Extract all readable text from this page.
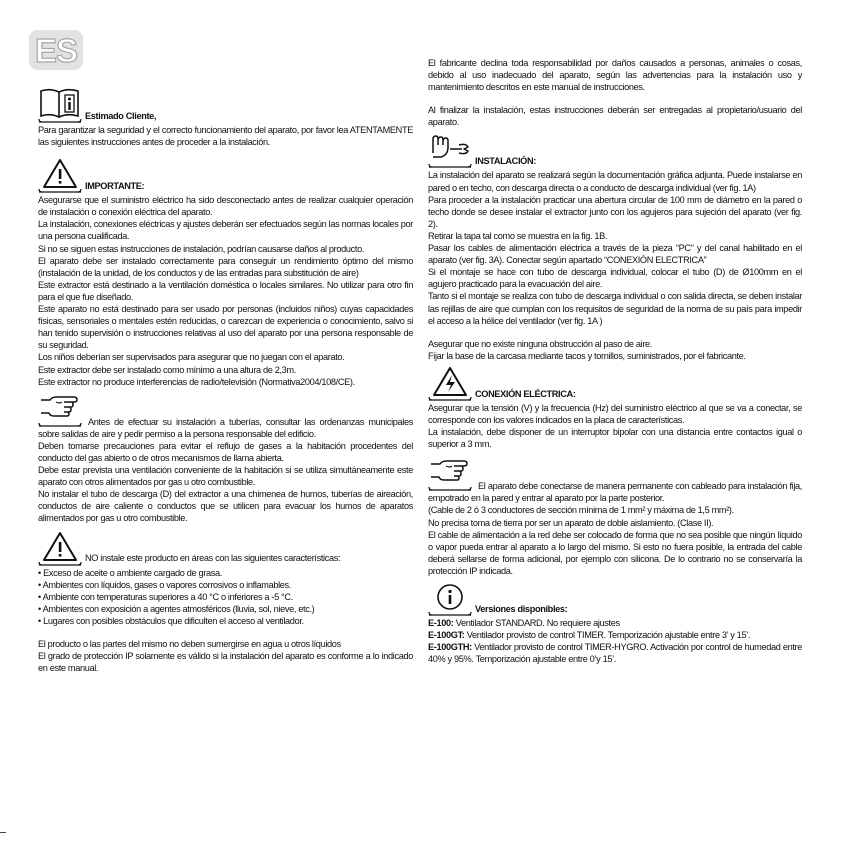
ES
Estimado Cliente,

Para garantizar la seguridad y el correcto funcionamiento del aparato, por favor lea ATENTAMENTE las siguientes instrucciones antes de proceder a la instalación.

IMPORTANTE:

Asegurarse que el suministro eléctrico ha sido desconectado antes de realizar cualquier operación de instalación o conexión eléctrica del aparato.

La instalación, conexiones eléctricas y ajustes deberán ser efectuados según las normas locales por una persona cualificada.

Si no se siguen estas instrucciones de instalación, podrían causarse daños al producto.

El aparato debe ser instalado correctamente para conseguir un rendimiento óptimo del mismo (instalación de la unidad, de los conductos y de las entradas para substitución de aire)

Este extractor está destinado a la ventilación doméstica o locales similares. No utilizar para otro fin para el que fue diseñado.

Este aparato no está destinado para ser usado por personas (incluidos niños) cuyas capacidades físicas, sensoriales o mentales estén reducidas, o carezcan de experiencia o conocimiento, salvo si han tenido supervisión o instrucciones relativas al uso del aparato por una persona responsable de su seguridad.

Los niños deberían ser supervisados para asegurar que no juegan con el aparato.

Este extractor debe ser instalado como mínimo a una altura de 2,3m.

Este extractor no produce interferencias de radio/televisión (Normativa2004/108/CE).

Antes de efectuar su instalación a tuberías, consultar las ordenanzas municipales sobre salidas de aire y pedir permiso a la persona responsable del edificio.

Deben tomarse precauciones para evitar el reflujo de gases a la habitación procedentes del conducto del gas abierto o de otros mecanismos de llama abierta.

Debe estar prevista una ventilación conveniente de la habitación si se utiliza simultáneamente este aparato con otros alimentados por gas u otro combustible.

No instalar el tubo de descarga (D) del extractor a una chimenea de humos, tuberías de aireación, conductos de aire caliente o conductos que se utilicen para evacuar los humos de aparatos alimentados por gas u otro combustible.

NO instale este producto en áreas con las siguientes características:
• Exceso de aceite o ambiente cargado de grasa.
• Ambientes con líquidos, gases o vapores corrosivos o inflamables.
• Ambiente con temperaturas superiores a 40 °C o inferiores a -5 °C.
• Ambientes con exposición a agentes atmosféricos (lluvia, sol, nieve, etc.)
• Lugares con posibles obstáculos que dificulten el acceso al ventilador.

El producto o las partes del mismo no deben sumergirse en agua u otros líquidos

El grado de protección IP solamente es válido si la instalación del aparato es conforme a lo indicado en este manual.

El fabricante declina toda responsabilidad por daños causados a personas, animales o cosas, debido al uso inadecuado del aparato, según las advertencias para la instalación uso y mantenimiento descritos en este manual de instrucciones.

Al finalizar la instalación, estas instrucciones deberán ser entregadas al propietario/usuario del aparato.

INSTALACIÓN:

La instalación del aparato se realizará según la documentación gráfica adjunta. Puede instalarse en pared o en techo, con descarga directa o a conducto de descarga individual (ver fig. 1A)

Para proceder a la instalación practicar una abertura circular de 100 mm de diámetro en la pared o techo donde se desee instalar el extractor junto con los agujeros para sujeción del aparato (ver fig. 2).

Retirar la tapa tal como se muestra en la fig. 1B.

Pasar los cables de alimentación eléctrica a través de la pieza “PC” y del canal habilitado en el aparato (ver fig. 3A). Conectar según apartado “CONEXIÓN ELECTRICA”

Si el montaje se hace con tubo de descarga individual, colocar el tubo (D) de Ø100mm en el agujero practicado para la evacuación del aire.

Tanto si el montaje se realiza con tubo de descarga individual o con salida directa, se deben instalar las rejillas de aire que cumplan con los requisitos de seguridad de la norma de su país para impedir el acceso a la hélice del ventilador (ver fig. 1A )

Asegurar que no existe ninguna obstrucción al paso de aire.

Fijar la base de la carcasa mediante tacos y tornillos, suministrados, por el fabricante.

CONEXIÓN ELÉCTRICA:

Asegurar que la tensión (V) y la frecuencia (Hz) del suministro eléctrico al que se va a conectar, se corresponde con los valores indicados en la placa de características.

La instalación, debe disponer de un interruptor bipolar con una distancia entre contactos igual o superior a 3 mm.

El aparato debe conectarse de manera permanente con cableado para instalación fija, empotrado en la pared y entrar al aparato por la parte posterior.

(Cable de 2 ó 3 conductores de sección mínima de 1 mm² y máxima de 1,5 mm²).

No precisa toma de tierra por ser un aparato de doble aislamiento. (Clase II).

El cable de alimentación a la red debe ser colocado de forma que no sea posible que ningún líquido o vapor pueda entrar al aparato a lo largo del mismo. Si esto no fuera posible, la entrada del cable deberá sellarse de forma adicional, por ejemplo con silicona. De lo contrario no se conservaría la protección IP indicada.

Versiones disponibles:

E-100: Ventilador STANDARD. No requiere ajustes

E-100GT: Ventilador provisto de control TIMER. Temporización ajustable entre 3’ y 15’.

E-100GTH: Ventilador provisto de control TIMER-HYGRO. Activación por control de humedad entre 40% y 95%. Temporización ajustable entre 0’y 15’.
